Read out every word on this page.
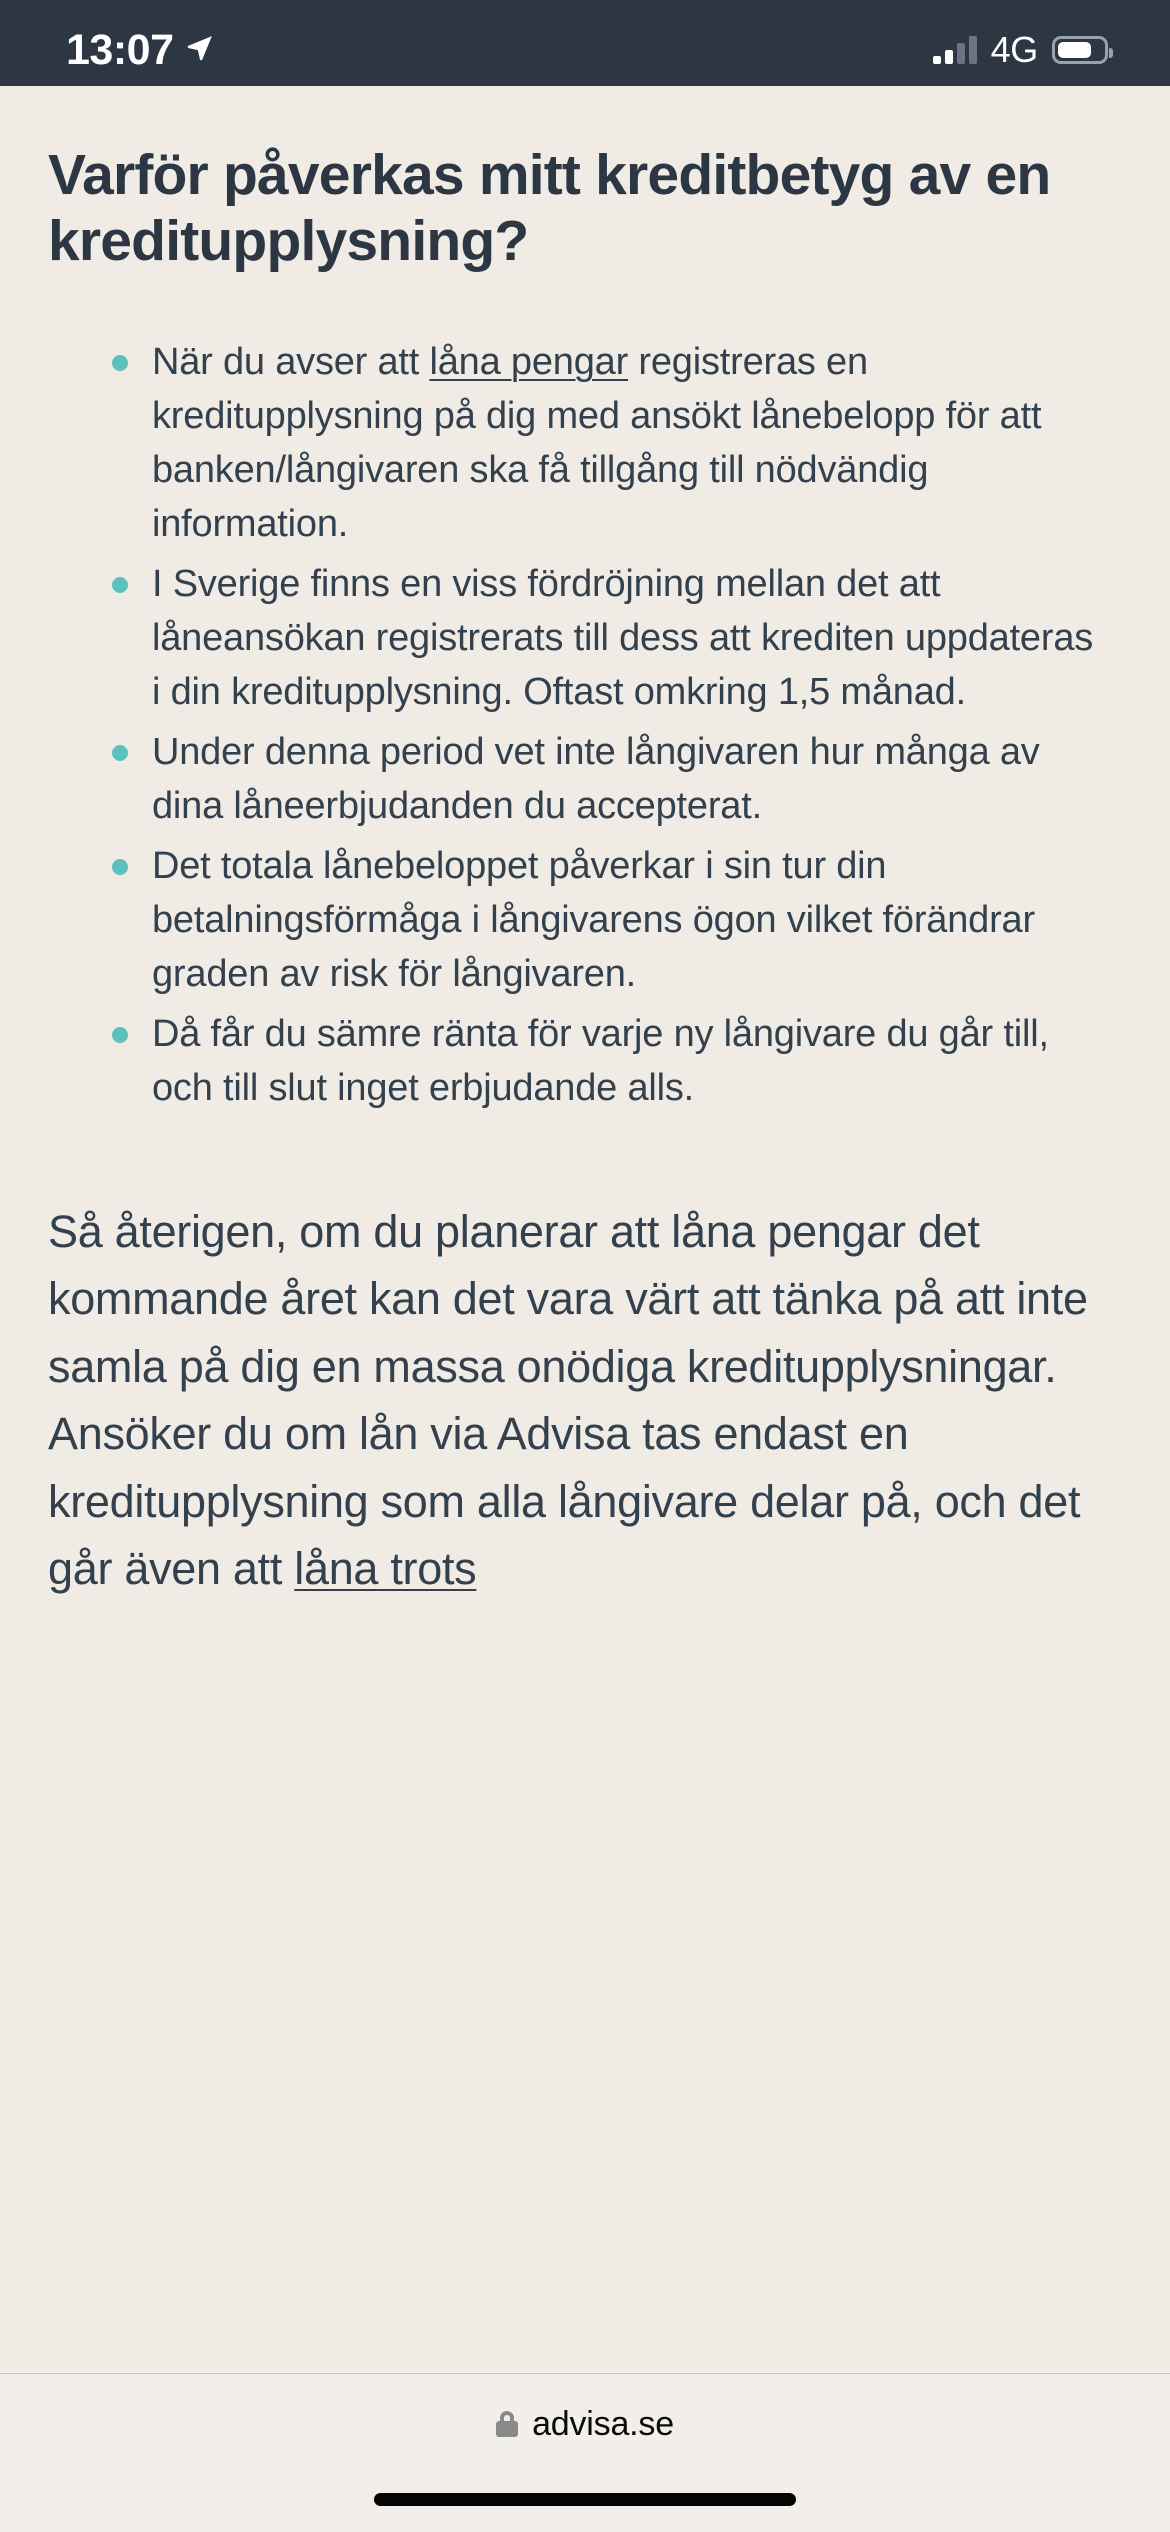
13:07	4G
Varför påverkas mitt kreditbetyg av en kreditupplysning?
När du avser att låna pengar registreras en kreditupplysning på dig med ansökt lånebelopp för att banken/långivaren ska få tillgång till nödvändig information.
I Sverige finns en viss fördröjning mellan det att låneansökan registrerats till dess att krediten uppdateras i din kreditupplysning. Oftast omkring 1,5 månad.
Under denna period vet inte långivaren hur många av dina låneerbjudanden du accepterat.
Det totala lånebeloppet påverkar i sin tur din betalningsförmåga i långivarens ögon vilket förändrar graden av risk för långivaren.
Då får du sämre ränta för varje ny långivare du går till, och till slut inget erbjudande alls.

Så återigen, om du planerar att låna pengar det kommande året kan det vara värt att tänka på att inte samla på dig en massa onödiga kreditupplysningar. Ansöker du om lån via Advisa tas endast en kreditupplysning som alla långivare delar på, och det går även att låna trots

advisa.se
